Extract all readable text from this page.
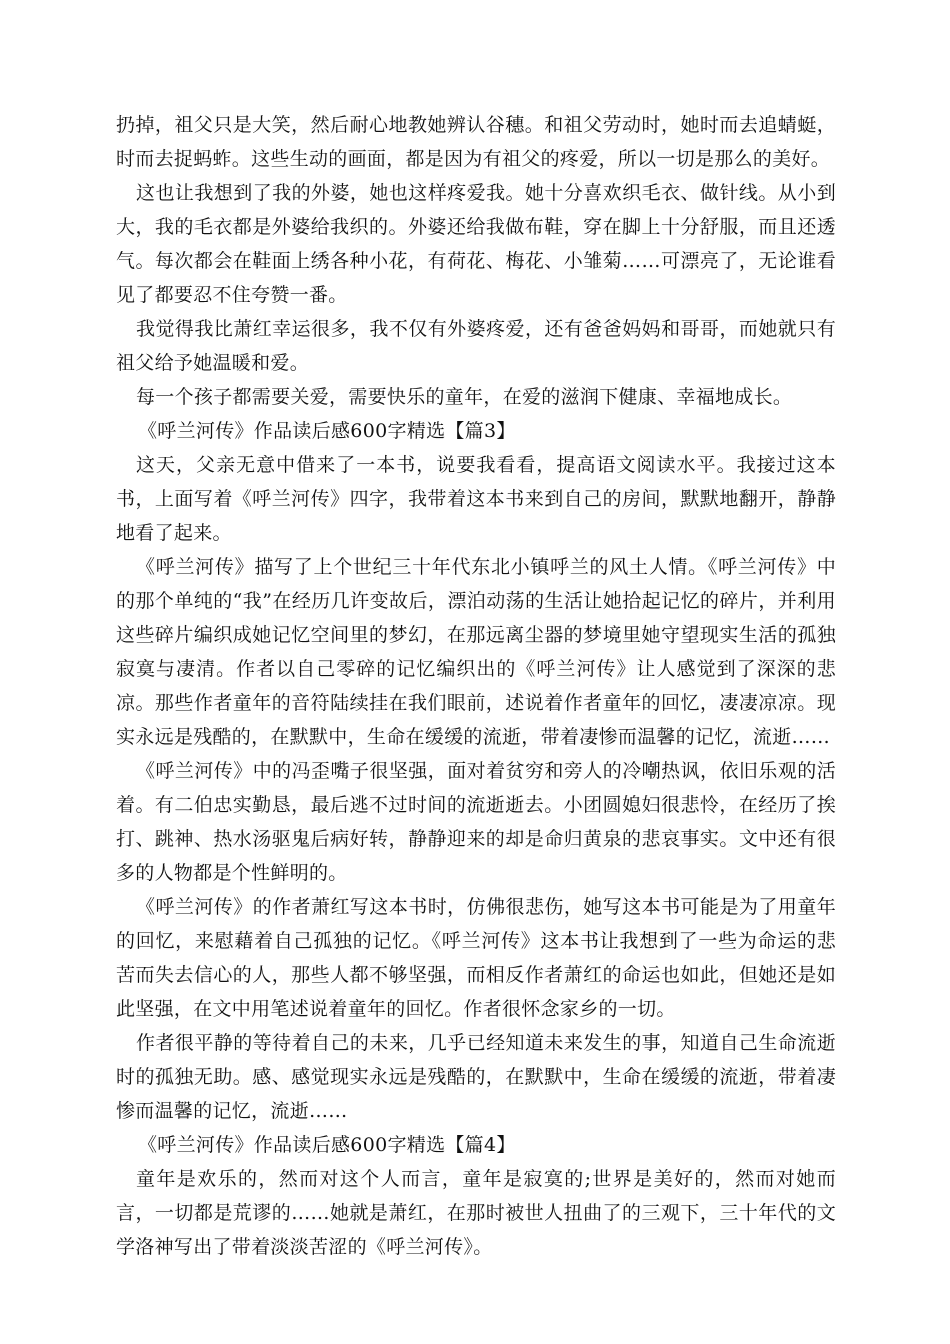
扔掉，祖父只是大笑，然后耐心地教她辨认谷穗。和祖父劳动时，她时而去追蜻蜓，时而去捉蚂蚱。这些生动的画面，都是因为有祖父的疼爱，所以一切是那么的美好。

这也让我想到了我的外婆，她也这样疼爱我。她十分喜欢织毛衣、做针线。从小到大，我的毛衣都是外婆给我织的。外婆还给我做布鞋，穿在脚上十分舒服，而且还透气。每次都会在鞋面上绣各种小花，有荷花、梅花、小雏菊……可漂亮了，无论谁看见了都要忍不住夸赞一番。

我觉得我比萧红幸运很多，我不仅有外婆疼爱，还有爸爸妈妈和哥哥，而她就只有祖父给予她温暖和爱。

每一个孩子都需要关爱，需要快乐的童年，在爱的滋润下健康、幸福地成长。

《呼兰河传》作品读后感600字精选【篇3】

这天，父亲无意中借来了一本书，说要我看看，提高语文阅读水平。我接过这本书，上面写着《呼兰河传》四字，我带着这本书来到自己的房间，默默地翻开，静静地看了起来。

《呼兰河传》描写了上个世纪三十年代东北小镇呼兰的风土人情。《呼兰河传》中的那个单纯的“我”在经历几许变故后，漂泊动荡的生活让她拾起记忆的碎片，并利用这些碎片编织成她记忆空间里的梦幻，在那远离尘器的梦境里她守望现实生活的孤独寂寞与凄清。作者以自己零碎的记忆编织出的《呼兰河传》让人感觉到了深深的悲凉。那些作者童年的音符陆续挂在我们眼前，述说着作者童年的回忆，凄凄凉凉。现实永远是残酷的，在默默中，生命在缓缓的流逝，带着凄惨而温馨的记忆，流逝……

《呼兰河传》中的冯歪嘴子很坚强，面对着贫穷和旁人的冷嘲热讽，依旧乐观的活着。有二伯忠实勤恳，最后逃不过时间的流逝逝去。小团圆媳妇很悲怜，在经历了挨打、跳神、热水汤驱鬼后病好转，静静迎来的却是命归黄泉的悲哀事实。文中还有很多的人物都是个性鲜明的。

《呼兰河传》的作者萧红写这本书时，仿佛很悲伤，她写这本书可能是为了用童年的回忆，来慰藉着自己孤独的记忆。《呼兰河传》这本书让我想到了一些为命运的悲苦而失去信心的人，那些人都不够坚强，而相反作者萧红的命运也如此，但她还是如此坚强，在文中用笔述说着童年的回忆。作者很怀念家乡的一切。

作者很平静的等待着自己的未来，几乎已经知道未来发生的事，知道自己生命流逝时的孤独无助。感、感觉现实永远是残酷的，在默默中，生命在缓缓的流逝，带着凄惨而温馨的记忆，流逝……

《呼兰河传》作品读后感600字精选【篇4】

童年是欢乐的，然而对这个人而言，童年是寂寞的;世界是美好的，然而对她而言，一切都是荒谬的……她就是萧红，在那时被世人扭曲了的三观下，三十年代的文学洛神写出了带着淡淡苦涩的《呼兰河传》。
